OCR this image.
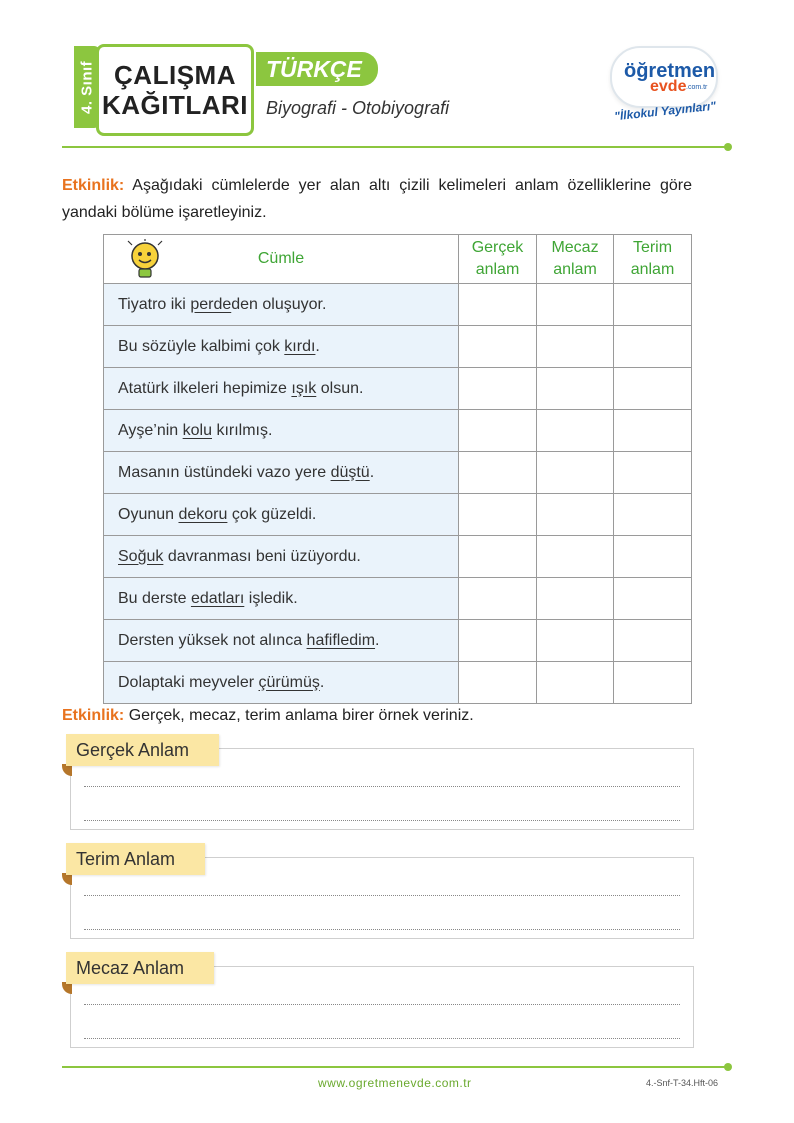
4. Sınıf ÇALIŞMA
KAĞITLARI
TÜRKÇE
Biyografi - Otobiyografi
öğretmen
evde .com.tr
"İlkokul Yayınları"
Etkinlik: Aşağıdaki cümlelerde yer alan altı çizili kelimeleri anlam özelliklerine göre yandaki bölüme işaretleyiniz.
Cümle	Gerçek anlam	Mecaz anlam	Terim anlam
Tiyatro iki perdeden oluşuyor.			
Bu sözüyle kalbimi çok kırdı.			
Atatürk ilkeleri hepimize ışık olsun.			
Ayşe’nin kolu kırılmış.			
Masanın üstündeki vazo yere düştü.			
Oyunun dekoru çok güzeldi.			
Soğuk davranması beni üzüyordu.			
Bu derste edatları işledik.			
Dersten yüksek not alınca hafifledim.			
Dolaptaki meyveler çürümüş.			
Etkinlik: Gerçek, mecaz, terim anlama birer örnek veriniz.
Gerçek Anlam
Terim Anlam
Mecaz Anlam
www.ogretmenevde.com.tr	4.-Snf-T-34.Hft-06
